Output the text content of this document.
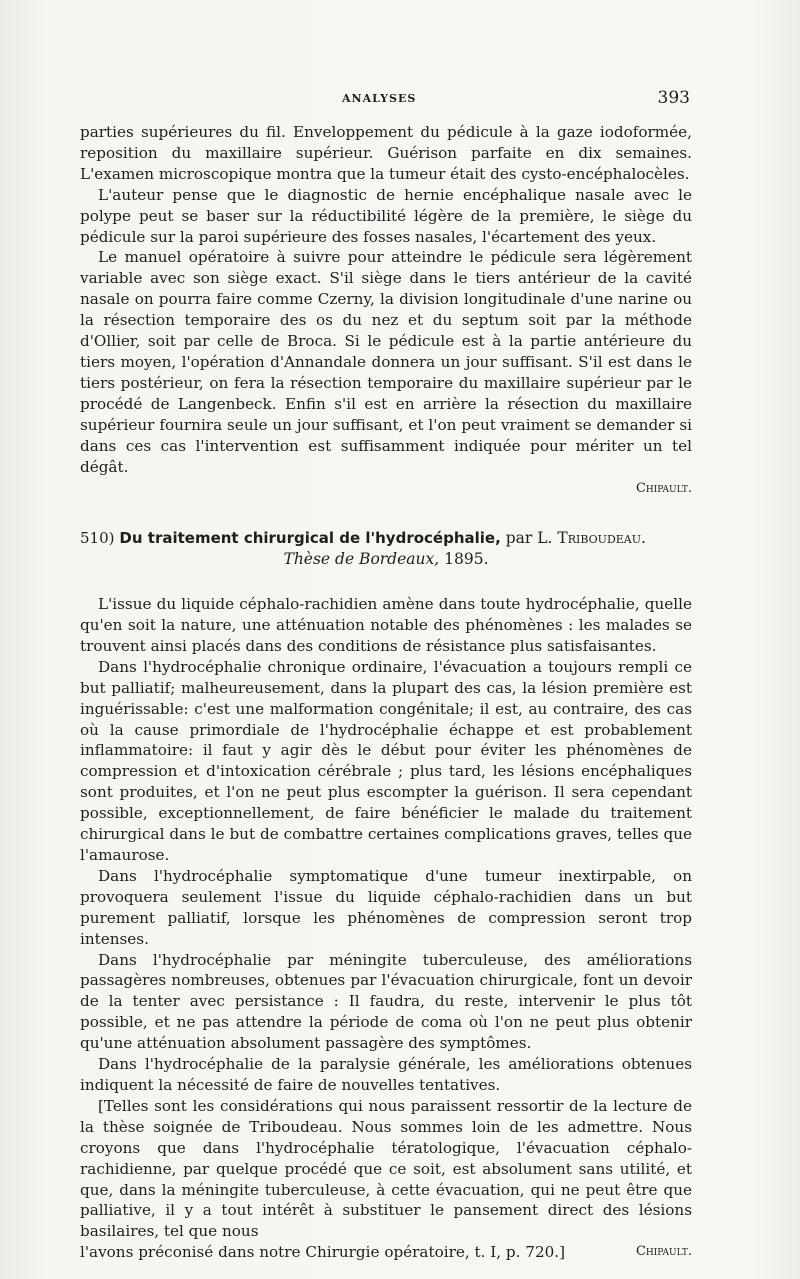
ANALYSES	393

parties supérieures du fil. Enveloppement du pédicule à la gaze iodoformée, reposition du maxillaire supérieur. Guérison parfaite en dix semaines. L'examen microscopique montra que la tumeur était des cysto-encéphalocèles.

L'auteur pense que le diagnostic de hernie encéphalique nasale avec le polype peut se baser sur la réductibilité légère de la première, le siège du pédicule sur la paroi supérieure des fosses nasales, l'écartement des yeux.

Le manuel opératoire à suivre pour atteindre le pédicule sera légèrement variable avec son siège exact. S'il siège dans le tiers antérieur de la cavité nasale on pourra faire comme Czerny, la division longitudinale d'une narine ou la résection temporaire des os du nez et du septum soit par la méthode d'Ollier, soit par celle de Broca. Si le pédicule est à la partie antérieure du tiers moyen, l'opération d'Annandale donnera un jour suffisant. S'il est dans le tiers postérieur, on fera la résection temporaire du maxillaire supérieur par le procédé de Langenbeck. Enfin s'il est en arrière la résection du maxillaire supérieur fournira seule un jour suffisant, et l'on peut vraiment se demander si dans ces cas l'intervention est suffisamment indiquée pour mériter un tel dégât.

Chipault.

510) Du traitement chirurgical de l'hydrocéphalie, par L. Triboudeau.

Thèse de Bordeaux, 1895.

L'issue du liquide céphalo-rachidien amène dans toute hydrocéphalie, quelle qu'en soit la nature, une atténuation notable des phénomènes : les malades se trouvent ainsi placés dans des conditions de résistance plus satisfaisantes.

Dans l'hydrocéphalie chronique ordinaire, l'évacuation a toujours rempli ce but palliatif; malheureusement, dans la plupart des cas, la lésion première est inguérissable: c'est une malformation congénitale; il est, au contraire, des cas où la cause primordiale de l'hydrocéphalie échappe et est probablement inflammatoire: il faut y agir dès le début pour éviter les phénomènes de compression et d'intoxication cérébrale ; plus tard, les lésions encéphaliques sont produites, et l'on ne peut plus escompter la guérison. Il sera cependant possible, exceptionnellement, de faire bénéficier le malade du traitement chirurgical dans le but de combattre certaines complications graves, telles que l'amaurose.

Dans l'hydrocéphalie symptomatique d'une tumeur inextirpable, on provoquera seulement l'issue du liquide céphalo-rachidien dans un but purement palliatif, lorsque les phénomènes de compression seront trop intenses.

Dans l'hydrocéphalie par méningite tuberculeuse, des améliorations passagères nombreuses, obtenues par l'évacuation chirurgicale, font un devoir de la tenter avec persistance : Il faudra, du reste, intervenir le plus tôt possible, et ne pas attendre la période de coma où l'on ne peut plus obtenir qu'une atténuation absolument passagère des symptômes.

Dans l'hydrocéphalie de la paralysie générale, les améliorations obtenues indiquent la nécessité de faire de nouvelles tentatives.

[Telles sont les considérations qui nous paraissent ressortir de la lecture de la thèse soignée de Triboudeau. Nous sommes loin de les admettre. Nous croyons que dans l'hydrocéphalie tératologique, l'évacuation céphalo-rachidienne, par quelque procédé que ce soit, est absolument sans utilité, et que, dans la méningite tuberculeuse, à cette évacuation, qui ne peut être que palliative, il y a tout intérêt à substituer le pansement direct des lésions basilaires, tel que nous

l'avons préconisé dans notre Chirurgie opératoire, t. I, p. 720.]	Chipault.
